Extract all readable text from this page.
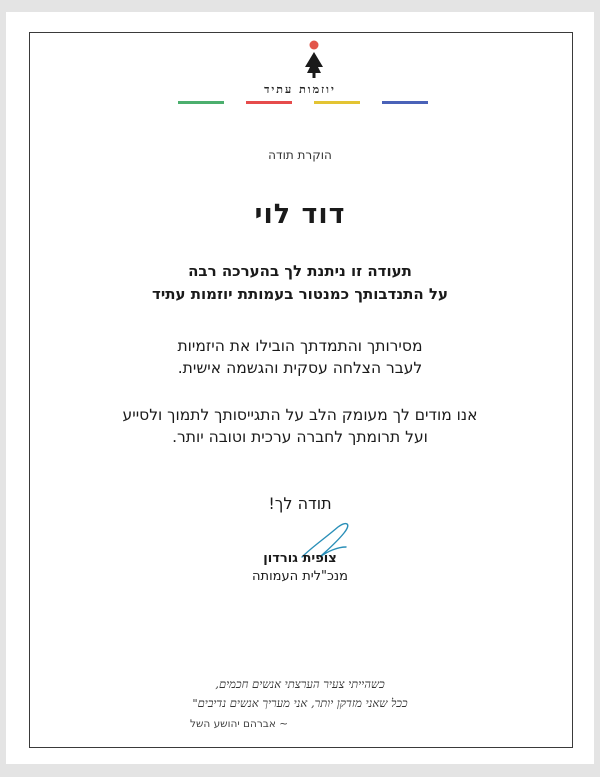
יוזמות עתיד
הוקרת תודה
דוד לוי
תעודה זו ניתנת לך בהערכה רבה
על התנדבותך כמנטור בעמותת יוזמות עתיד
מסירותך והתמדתך הובילו את היזמיות
לעבר הצלחה עסקית והגשמה אישית.
אנו מודים לך מעומק הלב על התגייסותך לתמוך ולסייע
ועל תרומתך לחברה ערכית וטובה יותר.
תודה לך!
צופית גורדון
מנכ"לית העמותה
כשהייתי צעיר הערצתי אנשים חכמים,
ככל שאני מזדקן יותר, אני מעריך אנשים נדיבים"
~ אברהם יהושע השל
